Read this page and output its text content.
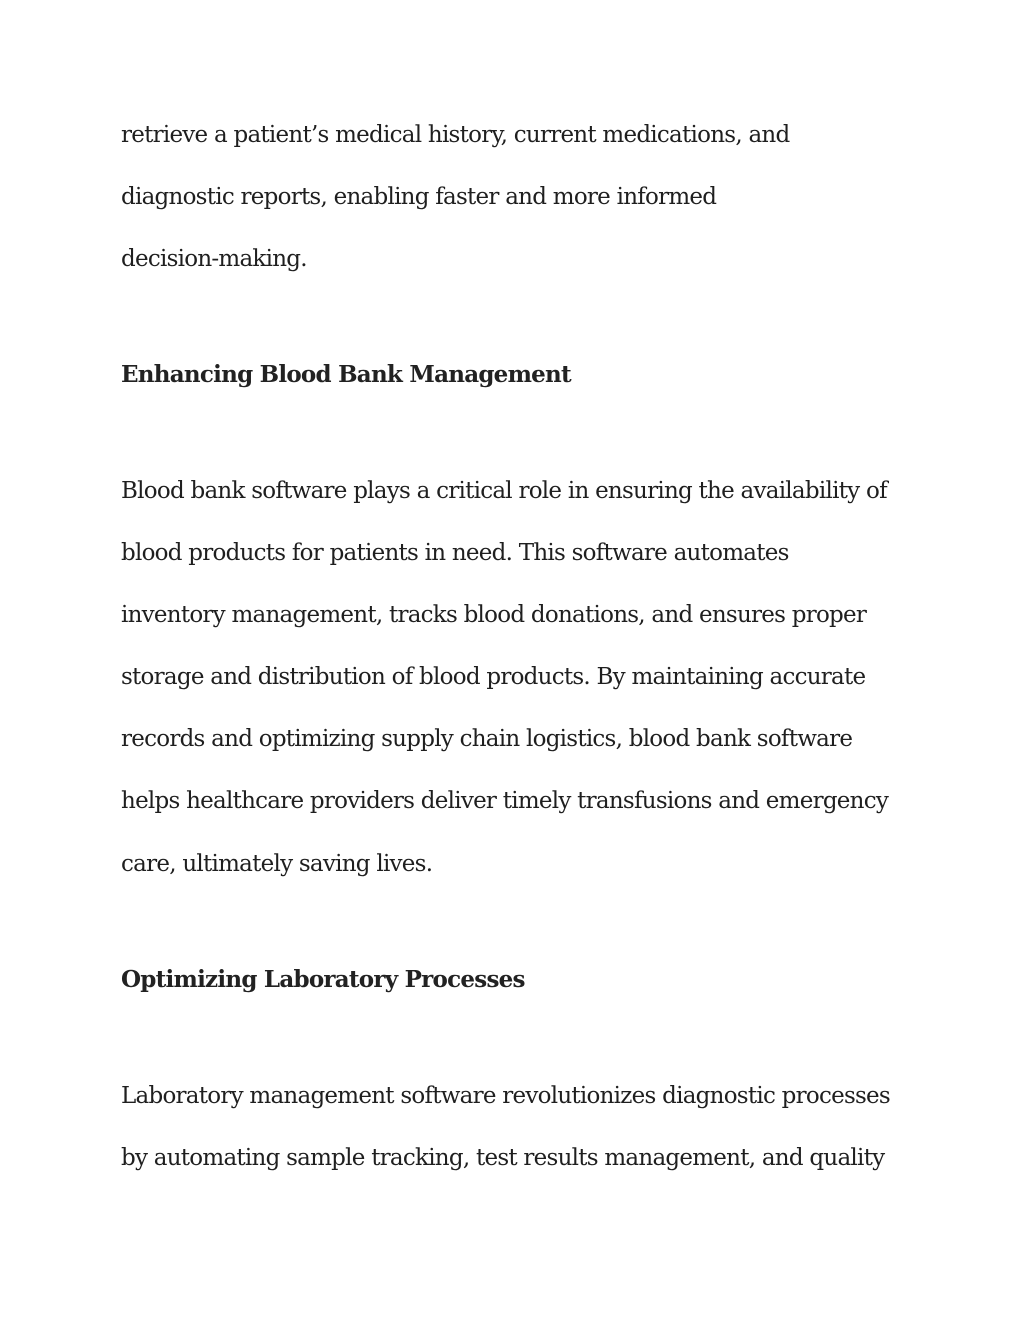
retrieve a patient’s medical history, current medications, and
diagnostic reports, enabling faster and more informed
decision-making.
Enhancing Blood Bank Management
Blood bank software plays a critical role in ensuring the availability of
blood products for patients in need. This software automates
inventory management, tracks blood donations, and ensures proper
storage and distribution of blood products. By maintaining accurate
records and optimizing supply chain logistics, blood bank software
helps healthcare providers deliver timely transfusions and emergency
care, ultimately saving lives.
Optimizing Laboratory Processes
Laboratory management software revolutionizes diagnostic processes
by automating sample tracking, test results management, and quality
